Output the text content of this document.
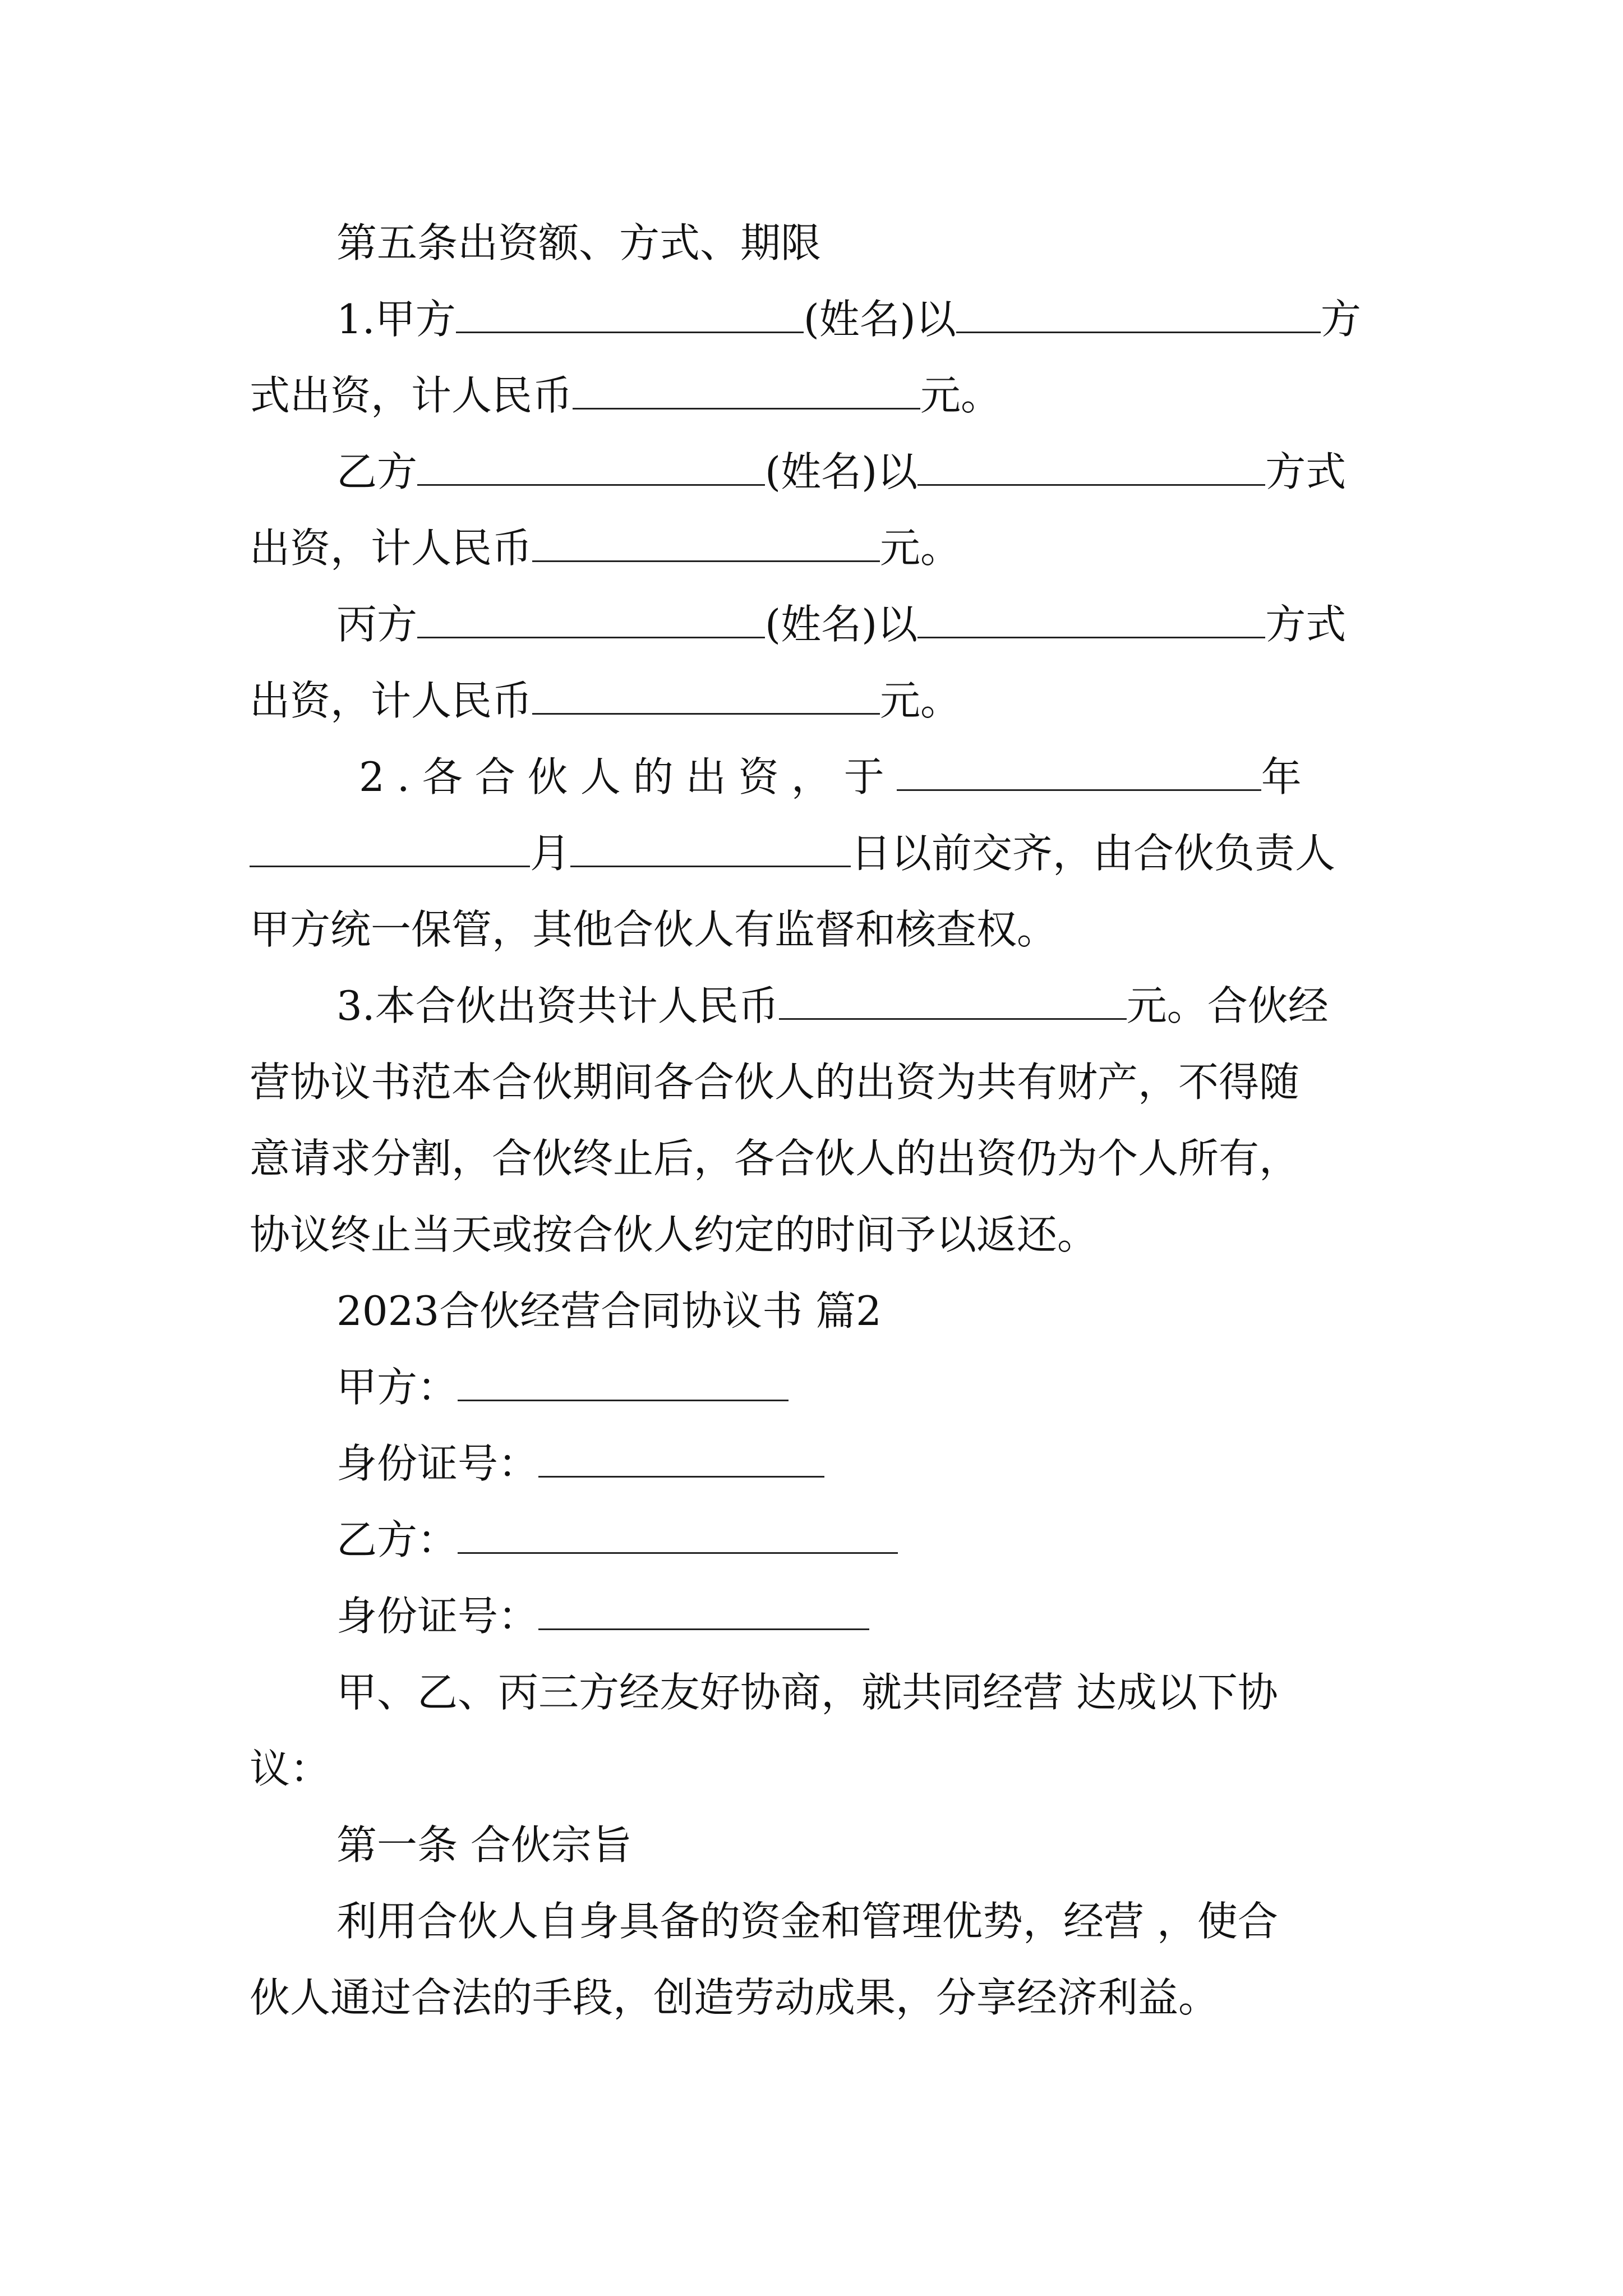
第五条出资额、方式、期限
1.甲方	(姓名)以	方
式出资，计人民币	元。
乙方	(姓名)以	方式
出资，计人民币	元。
丙方	(姓名)以	方式
出资，计人民币	元。
2.各合伙人的出资，于	年
月	日以前交齐，由合伙负责人
甲方统一保管，其他合伙人有监督和核查权。
3.本合伙出资共计人民币	元。合伙经
营协议书范本合伙期间各合伙人的出资为共有财产，不得随
意请求分割，合伙终止后，各合伙人的出资仍为个人所有，
协议终止当天或按合伙人约定的时间予以返还。
2023合伙经营合同协议书 篇2
甲方：
身份证号：
乙方：
身份证号：
甲、乙、丙三方经友好协商，就共同经营 达成以下协
议：
第一条 合伙宗旨
利用合伙人自身具备的资金和管理优势，经营 ，使合
伙人通过合法的手段，创造劳动成果，分享经济利益。
